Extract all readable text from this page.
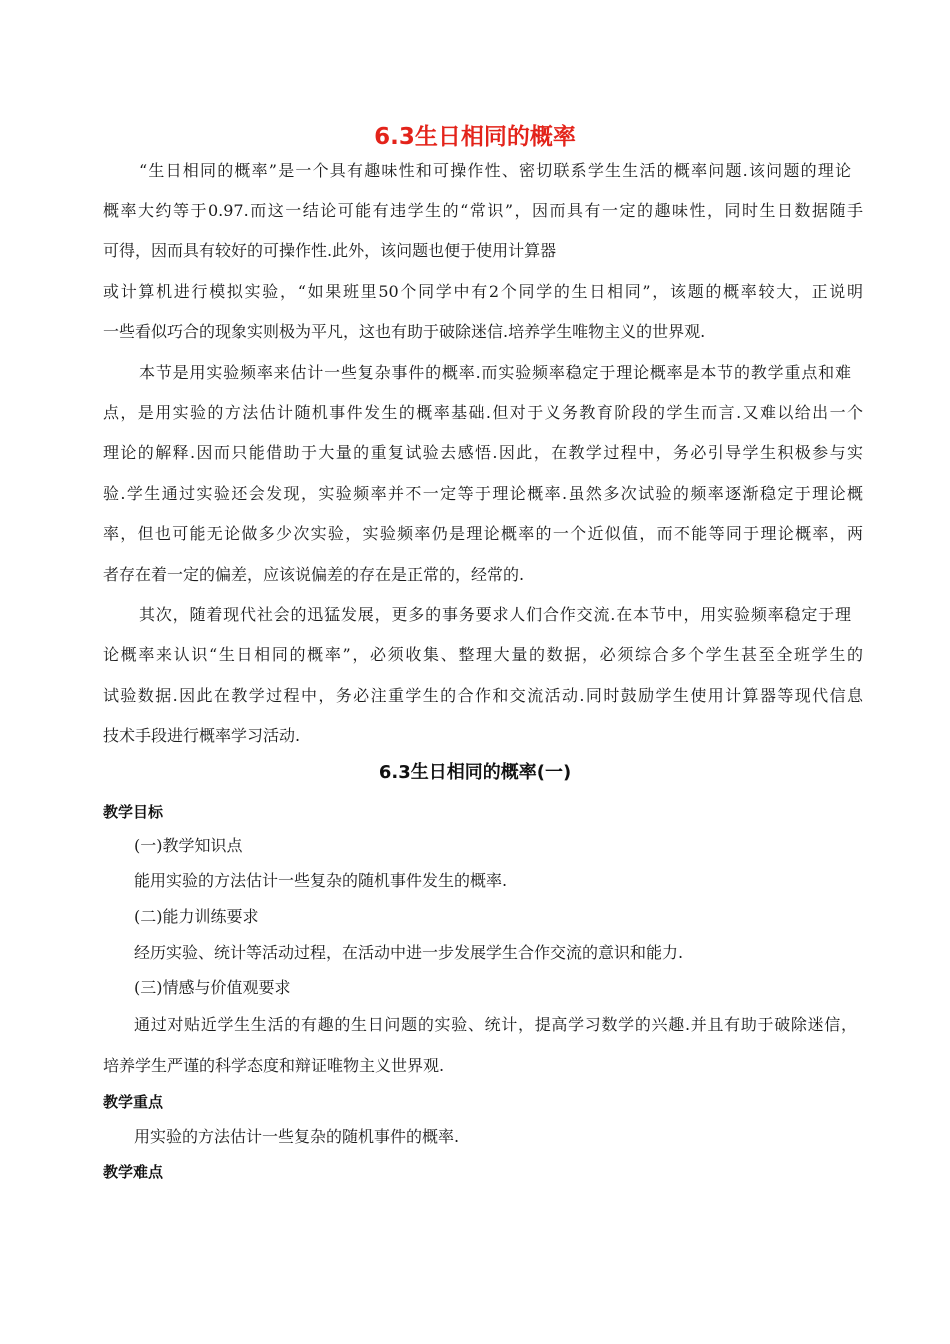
6.3生日相同的概率
“生日相同的概率”是一个具有趣味性和可操作性、密切联系学生生活的概率问题.该问题的理论
概率大约等于0.97.而这一结论可能有违学生的“常识”，因而具有一定的趣味性，同时生日数据随手
可得，因而具有较好的可操作性.此外，该问题也便于使用计算器
或计算机进行模拟实验，“如果班里50个同学中有2个同学的生日相同”，该题的概率较大，正说明
一些看似巧合的现象实则极为平凡，这也有助于破除迷信.培养学生唯物主义的世界观.
本节是用实验频率来估计一些复杂事件的概率.而实验频率稳定于理论概率是本节的教学重点和难
点，是用实验的方法估计随机事件发生的概率基础.但对于义务教育阶段的学生而言.又难以给出一个
理论的解释.因而只能借助于大量的重复试验去感悟.因此，在教学过程中，务必引导学生积极参与实
验.学生通过实验还会发现，实验频率并不一定等于理论概率.虽然多次试验的频率逐渐稳定于理论概
率，但也可能无论做多少次实验，实验频率仍是理论概率的一个近似值，而不能等同于理论概率，两
者存在着一定的偏差，应该说偏差的存在是正常的，经常的.
其次，随着现代社会的迅猛发展，更多的事务要求人们合作交流.在本节中，用实验频率稳定于理
论概率来认识“生日相同的概率”，必须收集、整理大量的数据，必须综合多个学生甚至全班学生的
试验数据.因此在教学过程中，务必注重学生的合作和交流活动.同时鼓励学生使用计算器等现代信息
技术手段进行概率学习活动.
6.3生日相同的概率(一)
教学目标
(一)教学知识点
能用实验的方法估计一些复杂的随机事件发生的概率.
(二)能力训练要求
经历实验、统计等活动过程，在活动中进一步发展学生合作交流的意识和能力.
(三)情感与价值观要求
通过对贴近学生生活的有趣的生日问题的实验、统计，提高学习数学的兴趣.并且有助于破除迷信，
培养学生严谨的科学态度和辩证唯物主义世界观.
教学重点
用实验的方法估计一些复杂的随机事件的概率.
教学难点
